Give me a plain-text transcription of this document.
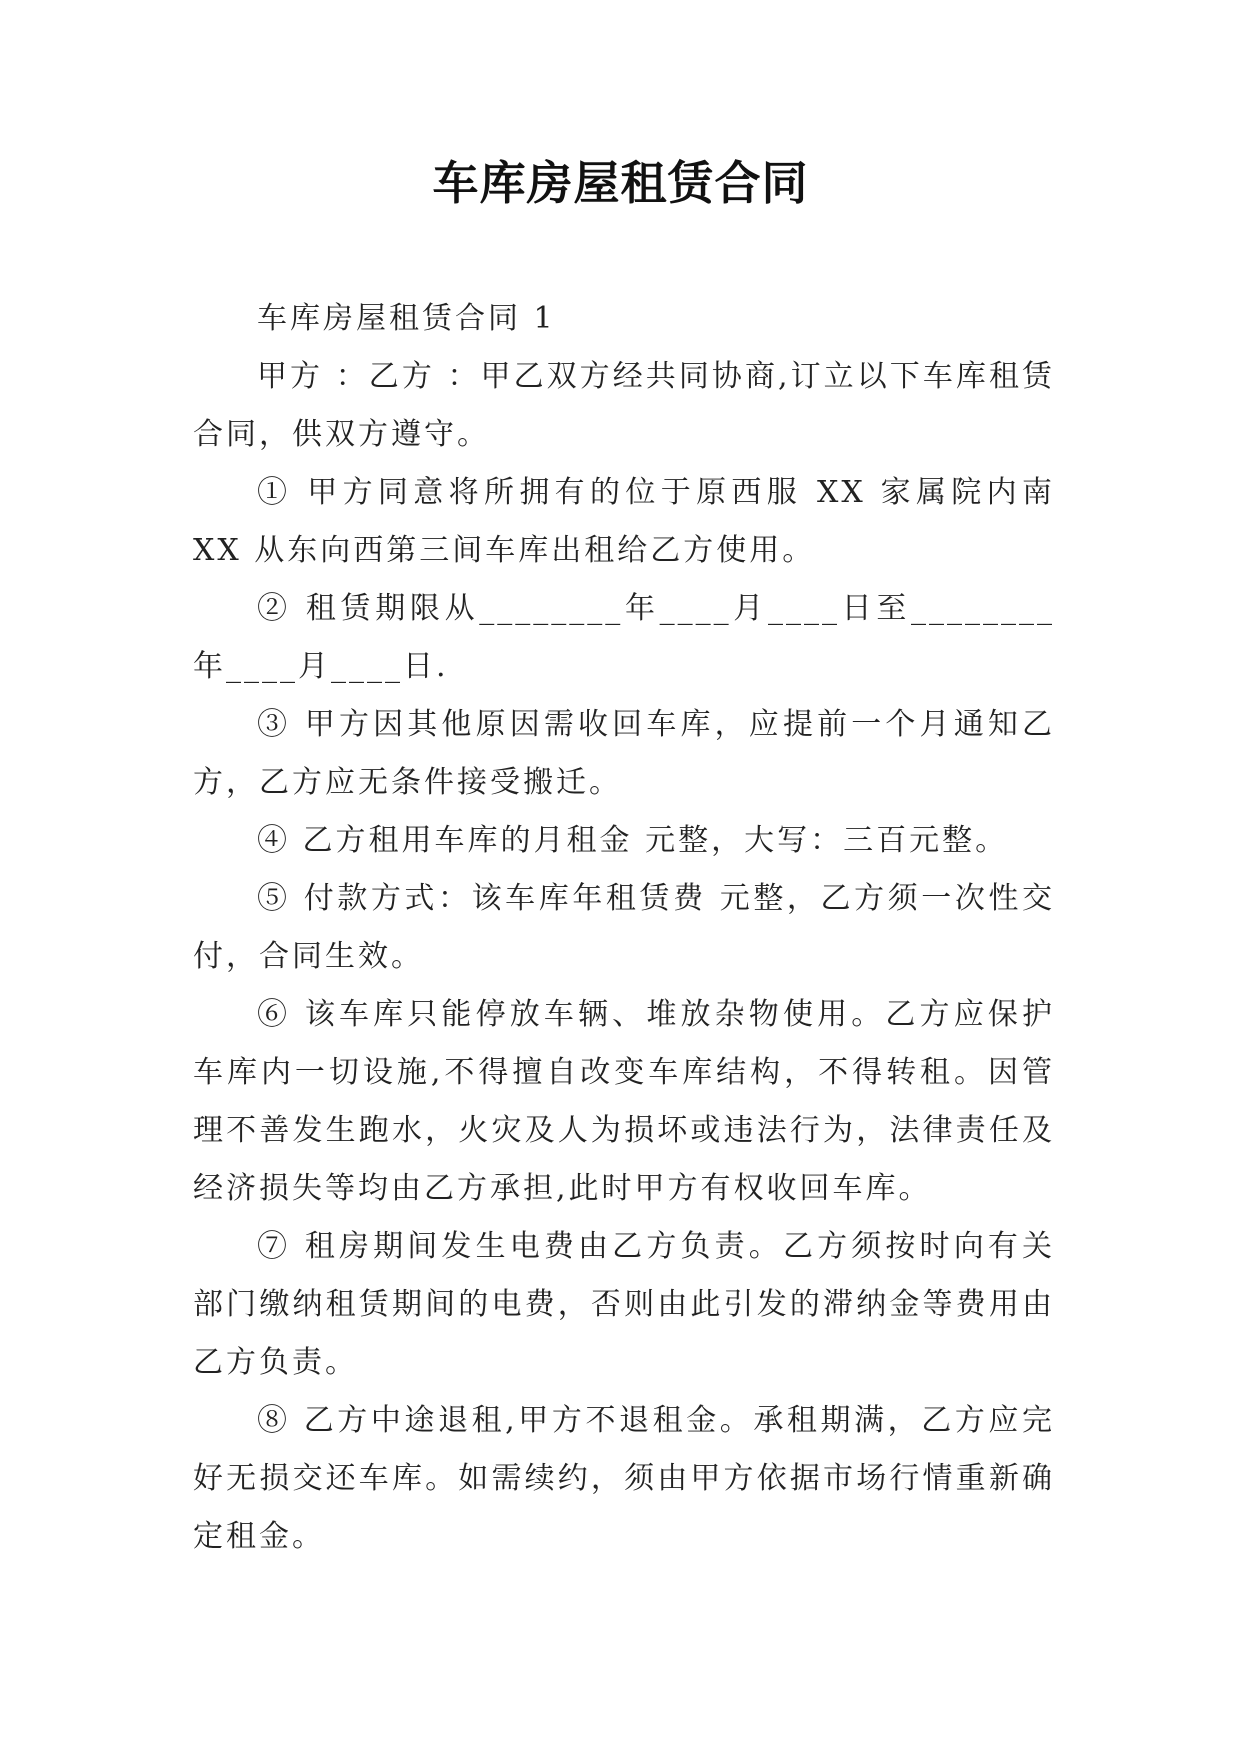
车库房屋租赁合同

车库房屋租赁合同 1

甲方 ：乙方 ：甲乙双方经共同协商,订立以下车库租赁合同，供双方遵守。

① 甲方同意将所拥有的位于原西服 XX 家属院内南 XX 从东向西第三间车库出租给乙方使用。

② 租赁期限从________年____月____日至________年____月____日.

③ 甲方因其他原因需收回车库，应提前一个月通知乙方，乙方应无条件接受搬迁。

④ 乙方租用车库的月租金 元整，大写：三百元整。

⑤ 付款方式：该车库年租赁费 元整，乙方须一次性交付，合同生效。

⑥ 该车库只能停放车辆、堆放杂物使用。乙方应保护车库内一切设施,不得擅自改变车库结构，不得转租。因管理不善发生跑水，火灾及人为损坏或违法行为，法律责任及经济损失等均由乙方承担,此时甲方有权收回车库。

⑦ 租房期间发生电费由乙方负责。乙方须按时向有关部门缴纳租赁期间的电费，否则由此引发的滞纳金等费用由乙方负责。

⑧ 乙方中途退租,甲方不退租金。承租期满，乙方应完好无损交还车库。如需续约，须由甲方依据市场行情重新确定租金。
